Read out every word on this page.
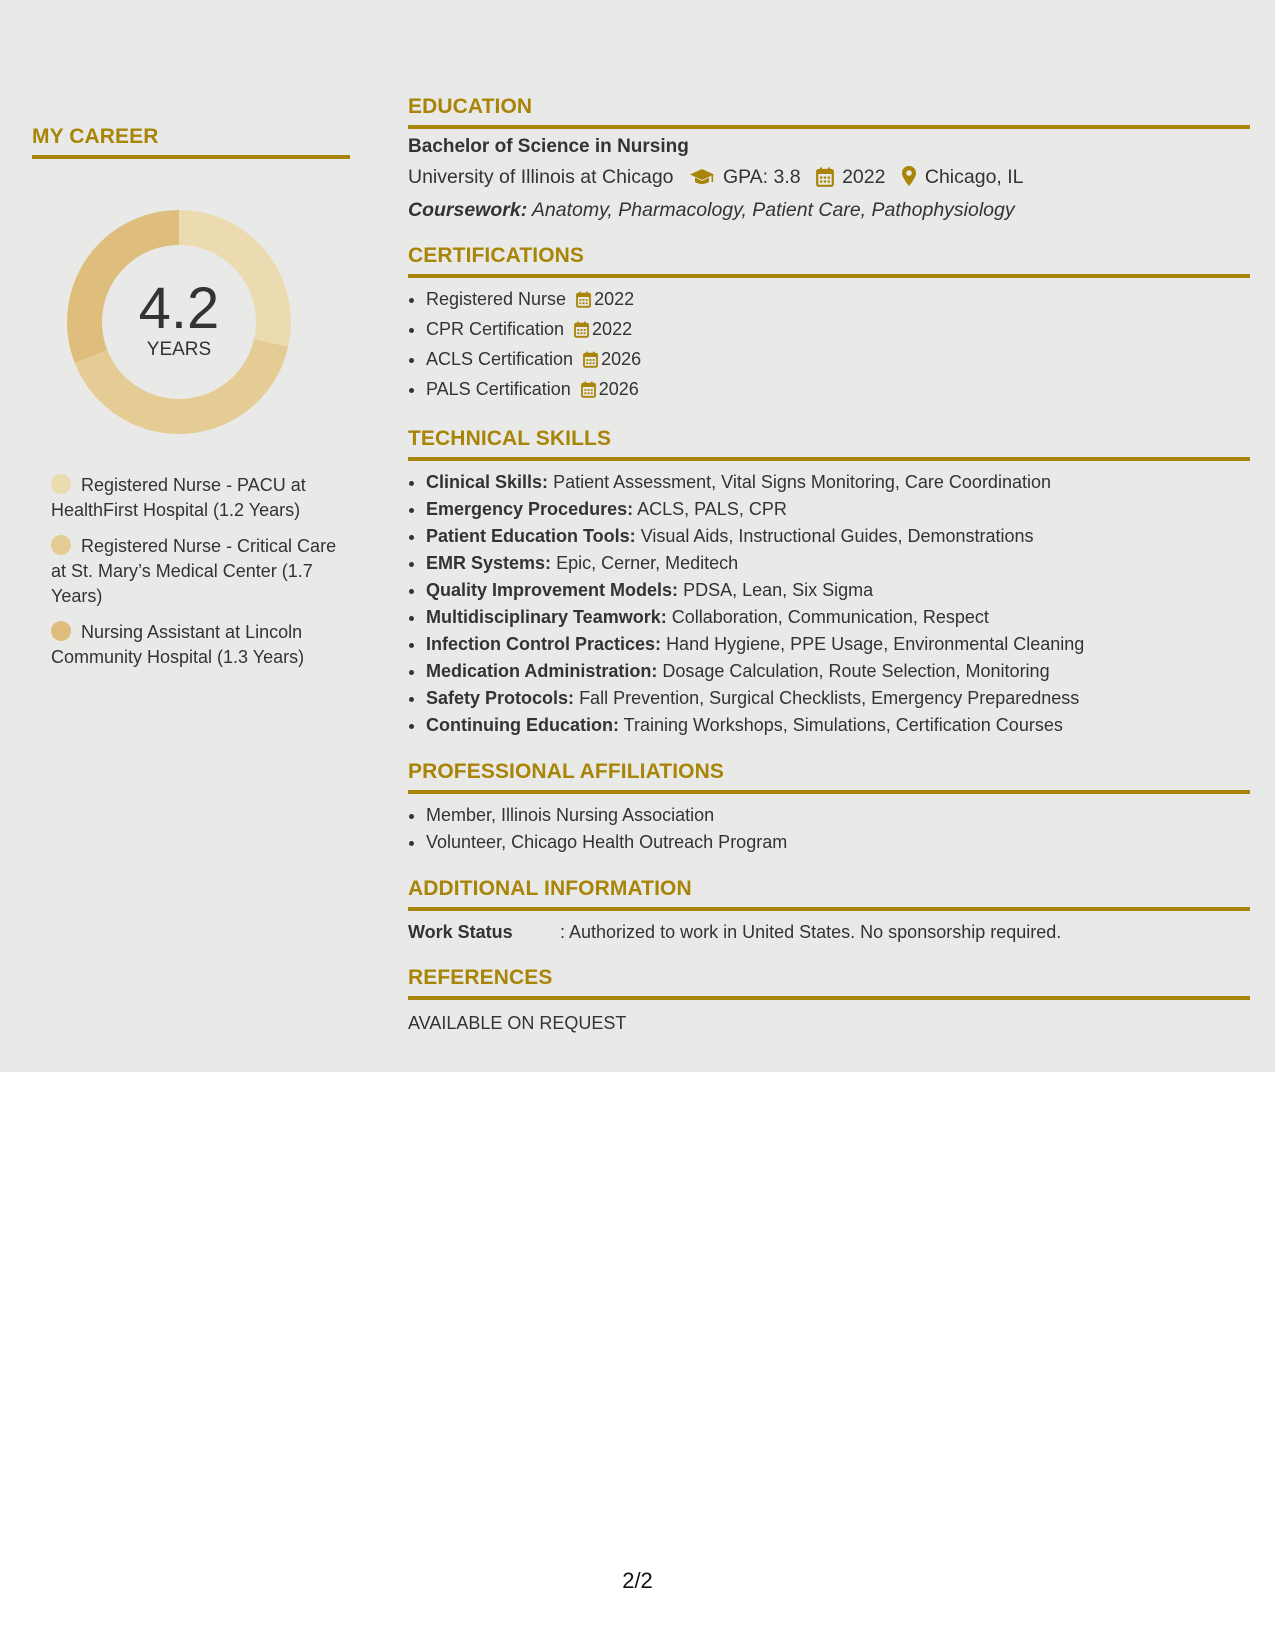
MY CAREER
4.2
YEARS
Registered Nurse - PACU at HealthFirst Hospital (1.2 Years)
Registered Nurse - Critical Care at St. Mary’s Medical Center (1.7 Years)
Nursing Assistant at Lincoln Community Hospital (1.3 Years)
EDUCATION
Bachelor of Science in Nursing
University of Illinois at Chicago	GPA: 3.8 2022 Chicago, IL
Coursework: Anatomy, Pharmacology, Patient Care, Pathophysiology
CERTIFICATIONS
• Registered Nurse 2022
• CPR Certification 2022
• ACLS Certification 2026
• PALS Certification 2026
TECHNICAL SKILLS
• Clinical Skills: Patient Assessment, Vital Signs Monitoring, Care Coordination
• Emergency Procedures: ACLS, PALS, CPR
• Patient Education Tools: Visual Aids, Instructional Guides, Demonstrations
• EMR Systems: Epic, Cerner, Meditech
• Quality Improvement Models: PDSA, Lean, Six Sigma
• Multidisciplinary Teamwork: Collaboration, Communication, Respect
• Infection Control Practices: Hand Hygiene, PPE Usage, Environmental Cleaning
• Medication Administration: Dosage Calculation, Route Selection, Monitoring
• Safety Protocols: Fall Prevention, Surgical Checklists, Emergency Preparedness
• Continuing Education: Training Workshops, Simulations, Certification Courses
PROFESSIONAL AFFILIATIONS
• Member, Illinois Nursing Association
• Volunteer, Chicago Health Outreach Program
ADDITIONAL INFORMATION
Work Status	: Authorized to work in United States. No sponsorship required.
REFERENCES
AVAILABLE ON REQUEST
2/2
